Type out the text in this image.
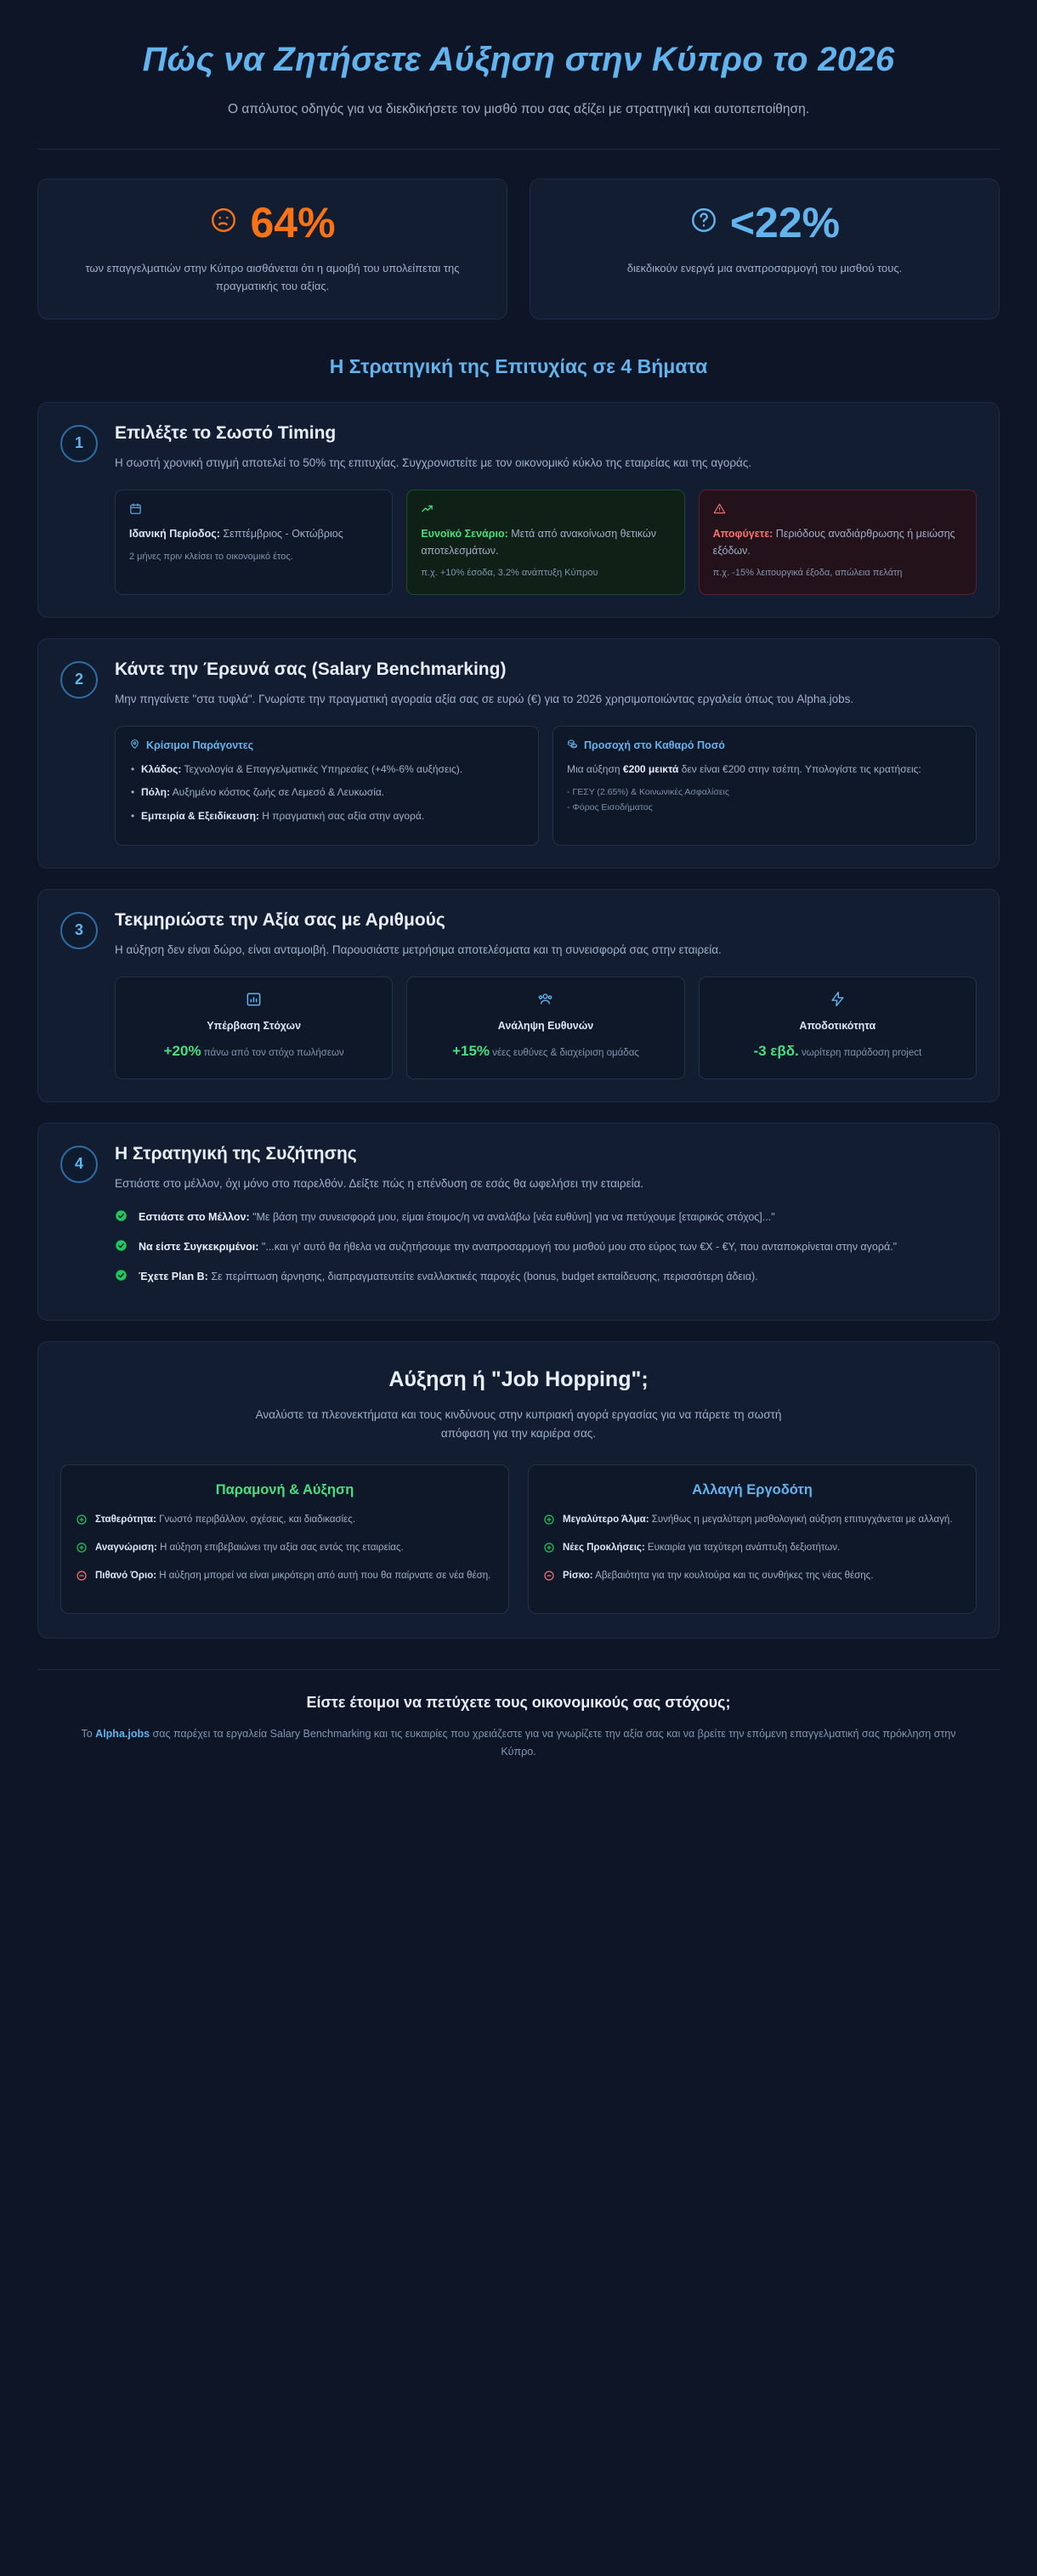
Πώς να Ζητήσετε Αύξηση στην Κύπρο το 2026

Ο απόλυτος οδηγός για να διεκδικήσετε τον μισθό που σας αξίζει με στρατηγική και αυτοπεποίθηση.

64%

των επαγγελματιών στην Κύπρο αισθάνεται ότι η αμοιβή του υπολείπεται της πραγματικής του αξίας.

<22%

διεκδικούν ενεργά μια αναπροσαρμογή του μισθού τους.

Η Στρατηγική της Επιτυχίας σε 4 Βήματα
1
Επιλέξτε το Σωστό Timing

Η σωστή χρονική στιγμή αποτελεί το 50% της επιτυχίας. Συγχρονιστείτε με τον οικονομικό κύκλο της εταιρείας και της αγοράς.

Ιδανική Περίοδος: Σεπτέμβριος - Οκτώβριος
2 μήνες πριν κλείσει το οικονομικό έτος.
Ευνοϊκό Σενάριο: Μετά από ανακοίνωση θετικών αποτελεσμάτων.
π.χ. +10% έσοδα, 3.2% ανάπτυξη Κύπρου
Αποφύγετε: Περιόδους αναδιάρθρωσης ή μειώσης εξόδων.
π.χ. -15% λειτουργικά έξοδα, απώλεια πελάτη
2
Κάντε την Έρευνά σας (Salary Benchmarking)

Μην πηγαίνετε "στα τυφλά". Γνωρίστε την πραγματική αγοραία αξία σας σε ευρώ (€) για το 2026 χρησιμοποιώντας εργαλεία όπως του Alpha.jobs.

Κρίσιμοι Παράγοντες
• Κλάδος: Τεχνολογία & Επαγγελματικές Υπηρεσίες (+4%-6% αυξήσεις).
• Πόλη: Αυξημένο κόστος ζωής σε Λεμεσό & Λευκωσία.
• Εμπειρία & Εξειδίκευση: Η πραγματική σας αξία στην αγορά.
Προσοχή στο Καθαρό Ποσό
Μια αύξηση €200 μεικτά δεν είναι €200 στην τσέπη. Υπολογίστε τις κρατήσεις:
- ΓΕΣΥ (2.65%) & Κοινωνικές Ασφαλίσεις
- Φόρος Εισοδήματος
3
Τεκμηριώστε την Αξία σας με Αριθμούς

Η αύξηση δεν είναι δώρο, είναι ανταμοιβή. Παρουσιάστε μετρήσιμα αποτελέσματα και τη συνεισφορά σας στην εταιρεία.

Υπέρβαση Στόχων
+20% πάνω από τον στόχο πωλήσεων
Ανάληψη Ευθυνών
+15% νέες ευθύνες & διαχείριση ομάδας
Αποδοτικότητα
-3 εβδ. νωρίτερη παράδοση project
4
Η Στρατηγική της Συζήτησης

Εστιάστε στο μέλλον, όχι μόνο στο παρελθόν. Δείξτε πώς η επένδυση σε εσάς θα ωφελήσει την εταιρεία.

Εστιάστε στο Μέλλον: "Με βάση την συνεισφορά μου, είμαι έτοιμος/η να αναλάβω [νέα ευθύνη] για να πετύχουμε [εταιρικός στόχος]..."
Να είστε Συγκεκριμένοι: "...και γι' αυτό θα ήθελα να συζητήσουμε την αναπροσαρμογή του μισθού μου στο εύρος των €X - €Y, που ανταποκρίνεται στην αγορά."
Έχετε Plan B: Σε περίπτωση άρνησης, διαπραγματευτείτε εναλλακτικές παροχές (bonus, budget εκπαίδευσης, περισσότερη άδεια).
Αύξηση ή "Job Hopping";

Αναλύστε τα πλεονεκτήματα και τους κινδύνους στην κυπριακή αγορά εργασίας για να πάρετε τη σωστή απόφαση για την καριέρα σας.

Παραμονή & Αύξηση
Σταθερότητα: Γνωστό περιβάλλον, σχέσεις, και διαδικασίες.
Αναγνώριση: Η αύξηση επιβεβαιώνει την αξία σας εντός της εταιρείας.
Πιθανό Όριο: Η αύξηση μπορεί να είναι μικρότερη από αυτή που θα παίρνατε σε νέα θέση.
Αλλαγή Εργοδότη
Μεγαλύτερο Άλμα: Συνήθως η μεγαλύτερη μισθολογική αύξηση επιτυγχάνεται με αλλαγή.
Νέες Προκλήσεις: Ευκαιρία για ταχύτερη ανάπτυξη δεξιοτήτων.
Ρίσκο: Αβεβαιότητα για την κουλτούρα και τις συνθήκες της νέας θέσης.
Είστε έτοιμοι να πετύχετε τους οικονομικούς σας στόχους;

Το Alpha.jobs σας παρέχει τα εργαλεία Salary Benchmarking και τις ευκαιρίες που χρειάζεστε για να γνωρίζετε την αξία σας και να βρείτε την επόμενη επαγγελματική σας πρόκληση στην Κύπρο.
